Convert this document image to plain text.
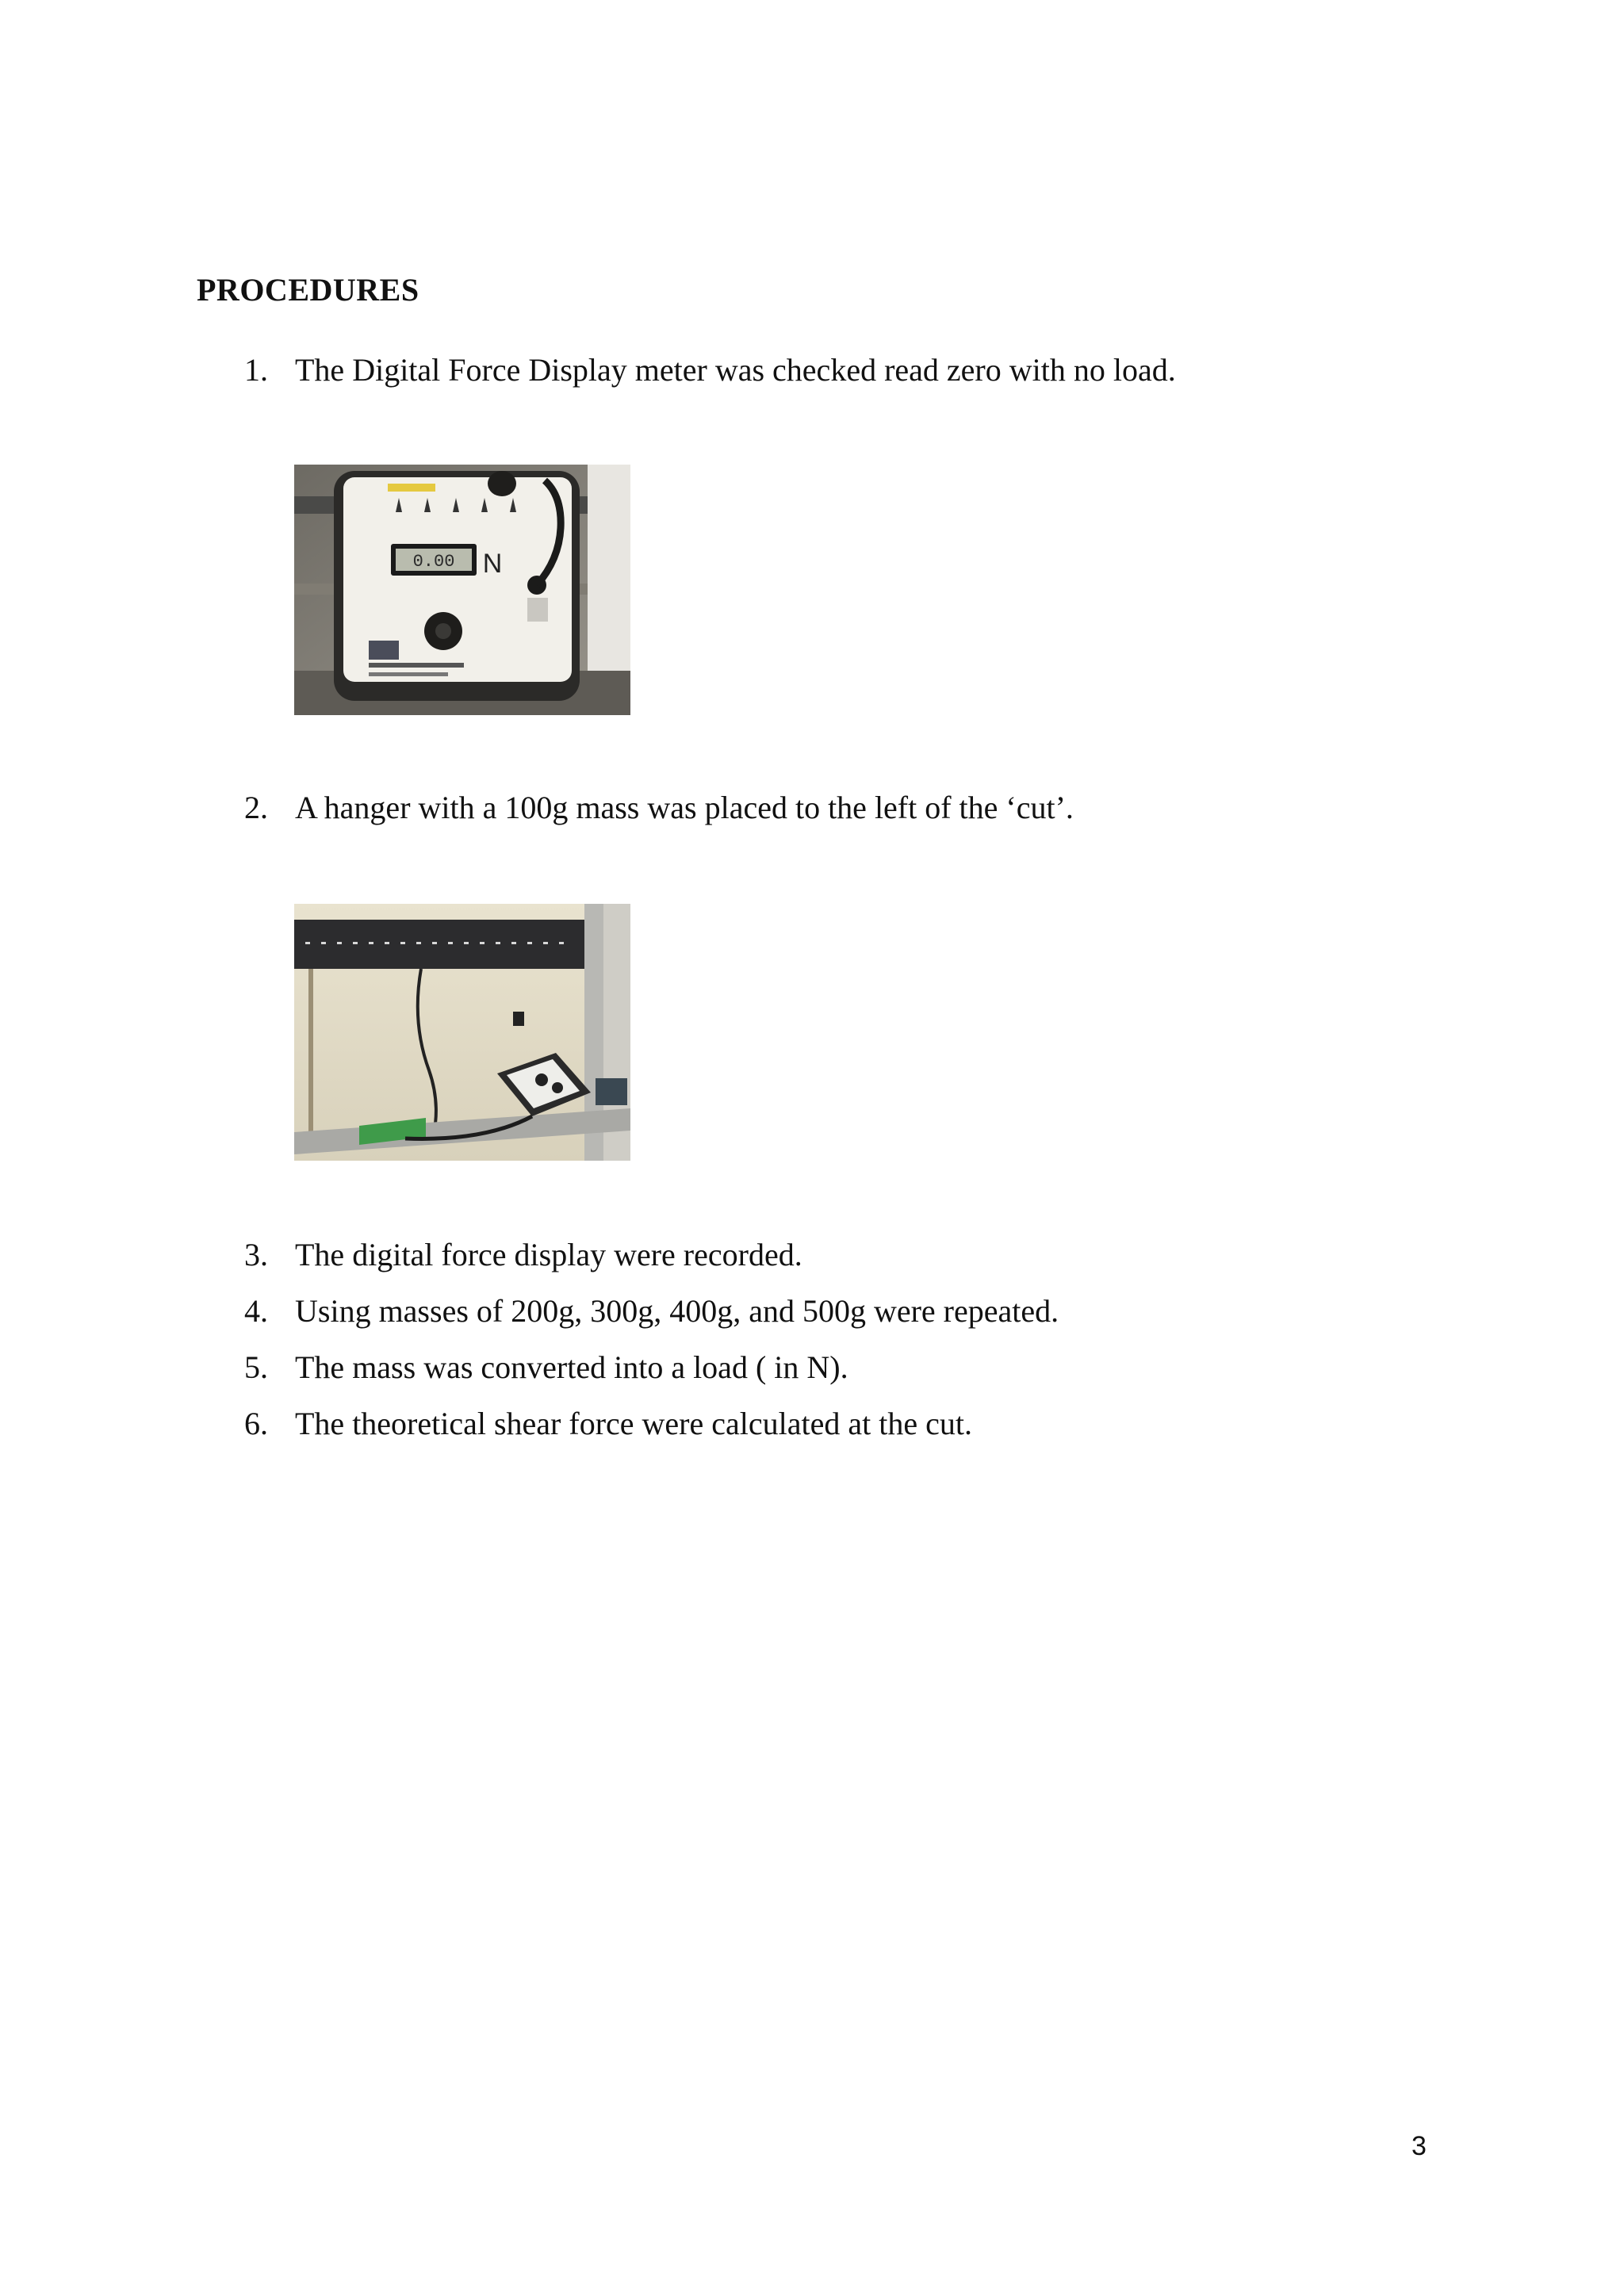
PROCEDURES
1. The Digital Force Display meter was checked read zero with no load.
0.00 N
2. A hanger with a 100g mass was placed to the left of the ‘cut’.
3. The digital force display were recorded.
4. Using masses of 200g, 300g, 400g, and 500g were repeated.
5. The mass was converted into a load ( in N).
6. The theoretical shear force were calculated at the cut.
3
